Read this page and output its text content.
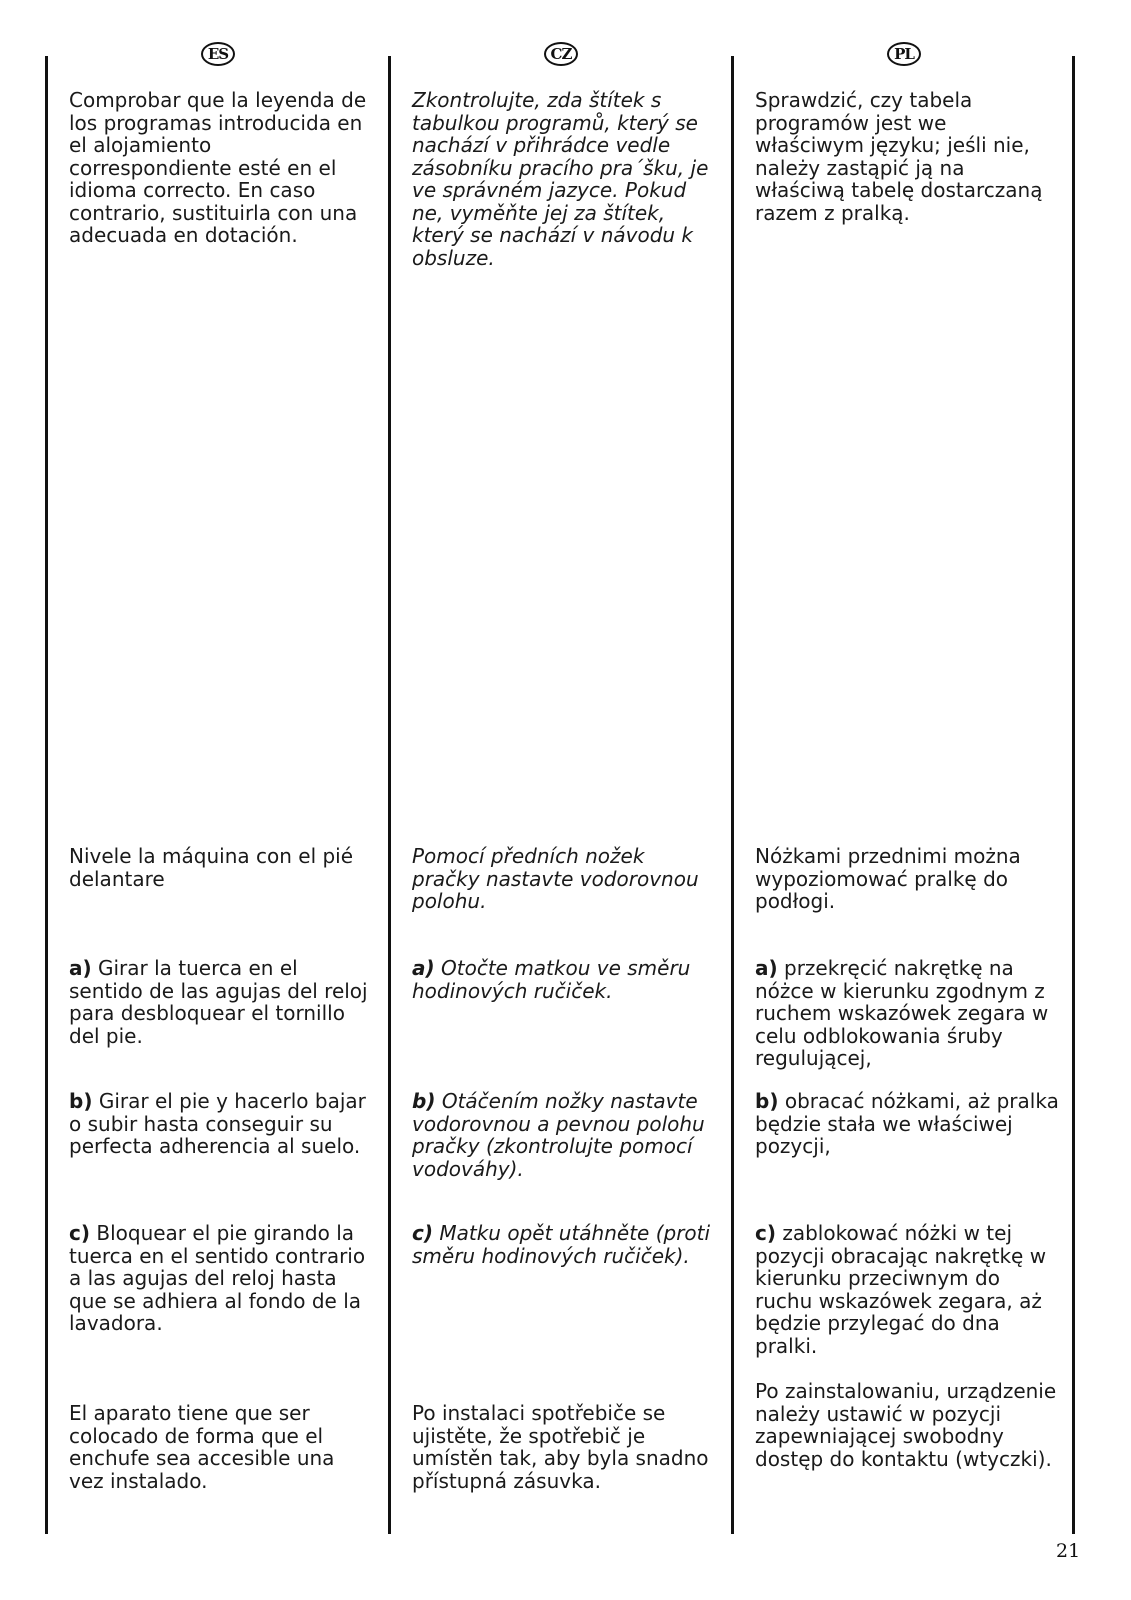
ES	CZ	PL

Comprobar que la leyenda de los programas introducida en el alojamiento correspondiente esté en el idioma correcto. En caso contrario, sustituirla con una adecuada en dotación.

Nivele la máquina con el pié delantare

a) Girar la tuerca en el sentido de las agujas del reloj para desbloquear el tornillo del pie.

b) Girar el pie y hacerlo bajar o subir hasta conseguir su perfecta adherencia al suelo.

c) Bloquear el pie girando la tuerca en el sentido contrario a las agujas del reloj hasta que se adhiera al fondo de la lavadora.

El aparato tiene que ser colocado de forma que el enchufe sea accesible una vez instalado.

Zkontrolujte, zda štítek s tabulkou programů, který se nachází v přihrádce vedle zásobníku pracího pra´šku, je ve správném jazyce. Pokud ne, vyměňte jej za štítek, který se nachází v návodu k obsluze.

Pomocí předních nožek pračky nastavte vodorovnou polohu.

a) Otočte matkou ve směru hodinových ručiček.

b) Otáčením nožky nastavte vodorovnou a pevnou polohu pračky (zkontrolujte pomocí vodováhy).

c) Matku opět utáhněte (proti směru hodinových ručiček).

Po instalaci spotřebiče se ujistěte, že spotřebič je umístěn tak, aby byla snadno přístupná zásuvka.

Sprawdzić, czy tabela programów jest we właściwym języku; jeśli nie, należy zastąpić ją na właściwą tabelę dostarczaną razem z pralką.

Nóżkami przednimi można wypoziomować pralkę do podłogi.

a) przekręcić nakrętkę na nóżce w kierunku zgodnym z ruchem wskazówek zegara w celu odblokowania śruby regulującej,

b) obracać nóżkami, aż pralka będzie stała we właściwej pozycji,

c) zablokować nóżki w tej pozycji obracając nakrętkę w kierunku przeciwnym do ruchu wskazówek zegara, aż będzie przylegać do dna pralki.

Po zainstalowaniu, urządzenie należy ustawić w pozycji zapewniającej swobodny dostęp do kontaktu (wtyczki).

21
